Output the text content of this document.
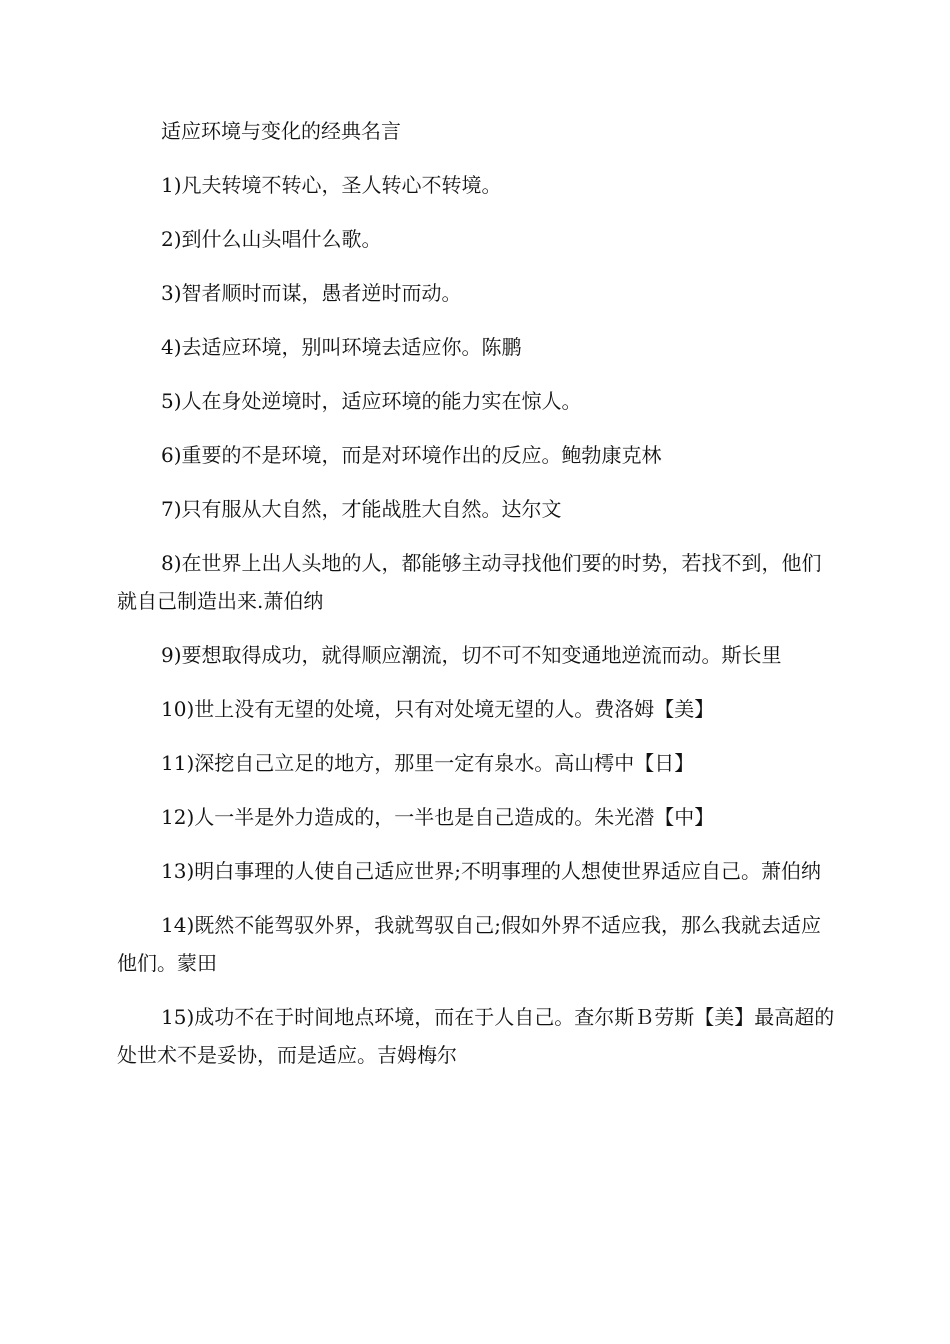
适应环境与变化的经典名言

1)凡夫转境不转心，圣人转心不转境。

2)到什么山头唱什么歌。

3)智者顺时而谋，愚者逆时而动。

4)去适应环境，别叫环境去适应你。陈鹏

5)人在身处逆境时，适应环境的能力实在惊人。

6)重要的不是环境，而是对环境作出的反应。鲍勃康克林

7)只有服从大自然，才能战胜大自然。达尔文

8)在世界上出人头地的人，都能够主动寻找他们要的时势，若找不到，他们就自己制造出来.萧伯纳

9)要想取得成功，就得顺应潮流，切不可不知变通地逆流而动。斯长里

10)世上没有无望的处境，只有对处境无望的人。费洛姆【美】

11)深挖自己立足的地方，那里一定有泉水。高山樗中【日】

12)人一半是外力造成的，一半也是自己造成的。朱光潜【中】

13)明白事理的人使自己适应世界;不明事理的人想使世界适应自己。萧伯纳

14)既然不能驾驭外界，我就驾驭自己;假如外界不适应我，那么我就去适应他们。蒙田

15)成功不在于时间地点环境，而在于人自己。查尔斯Ｂ劳斯【美】最高超的处世术不是妥协，而是适应。吉姆梅尔
